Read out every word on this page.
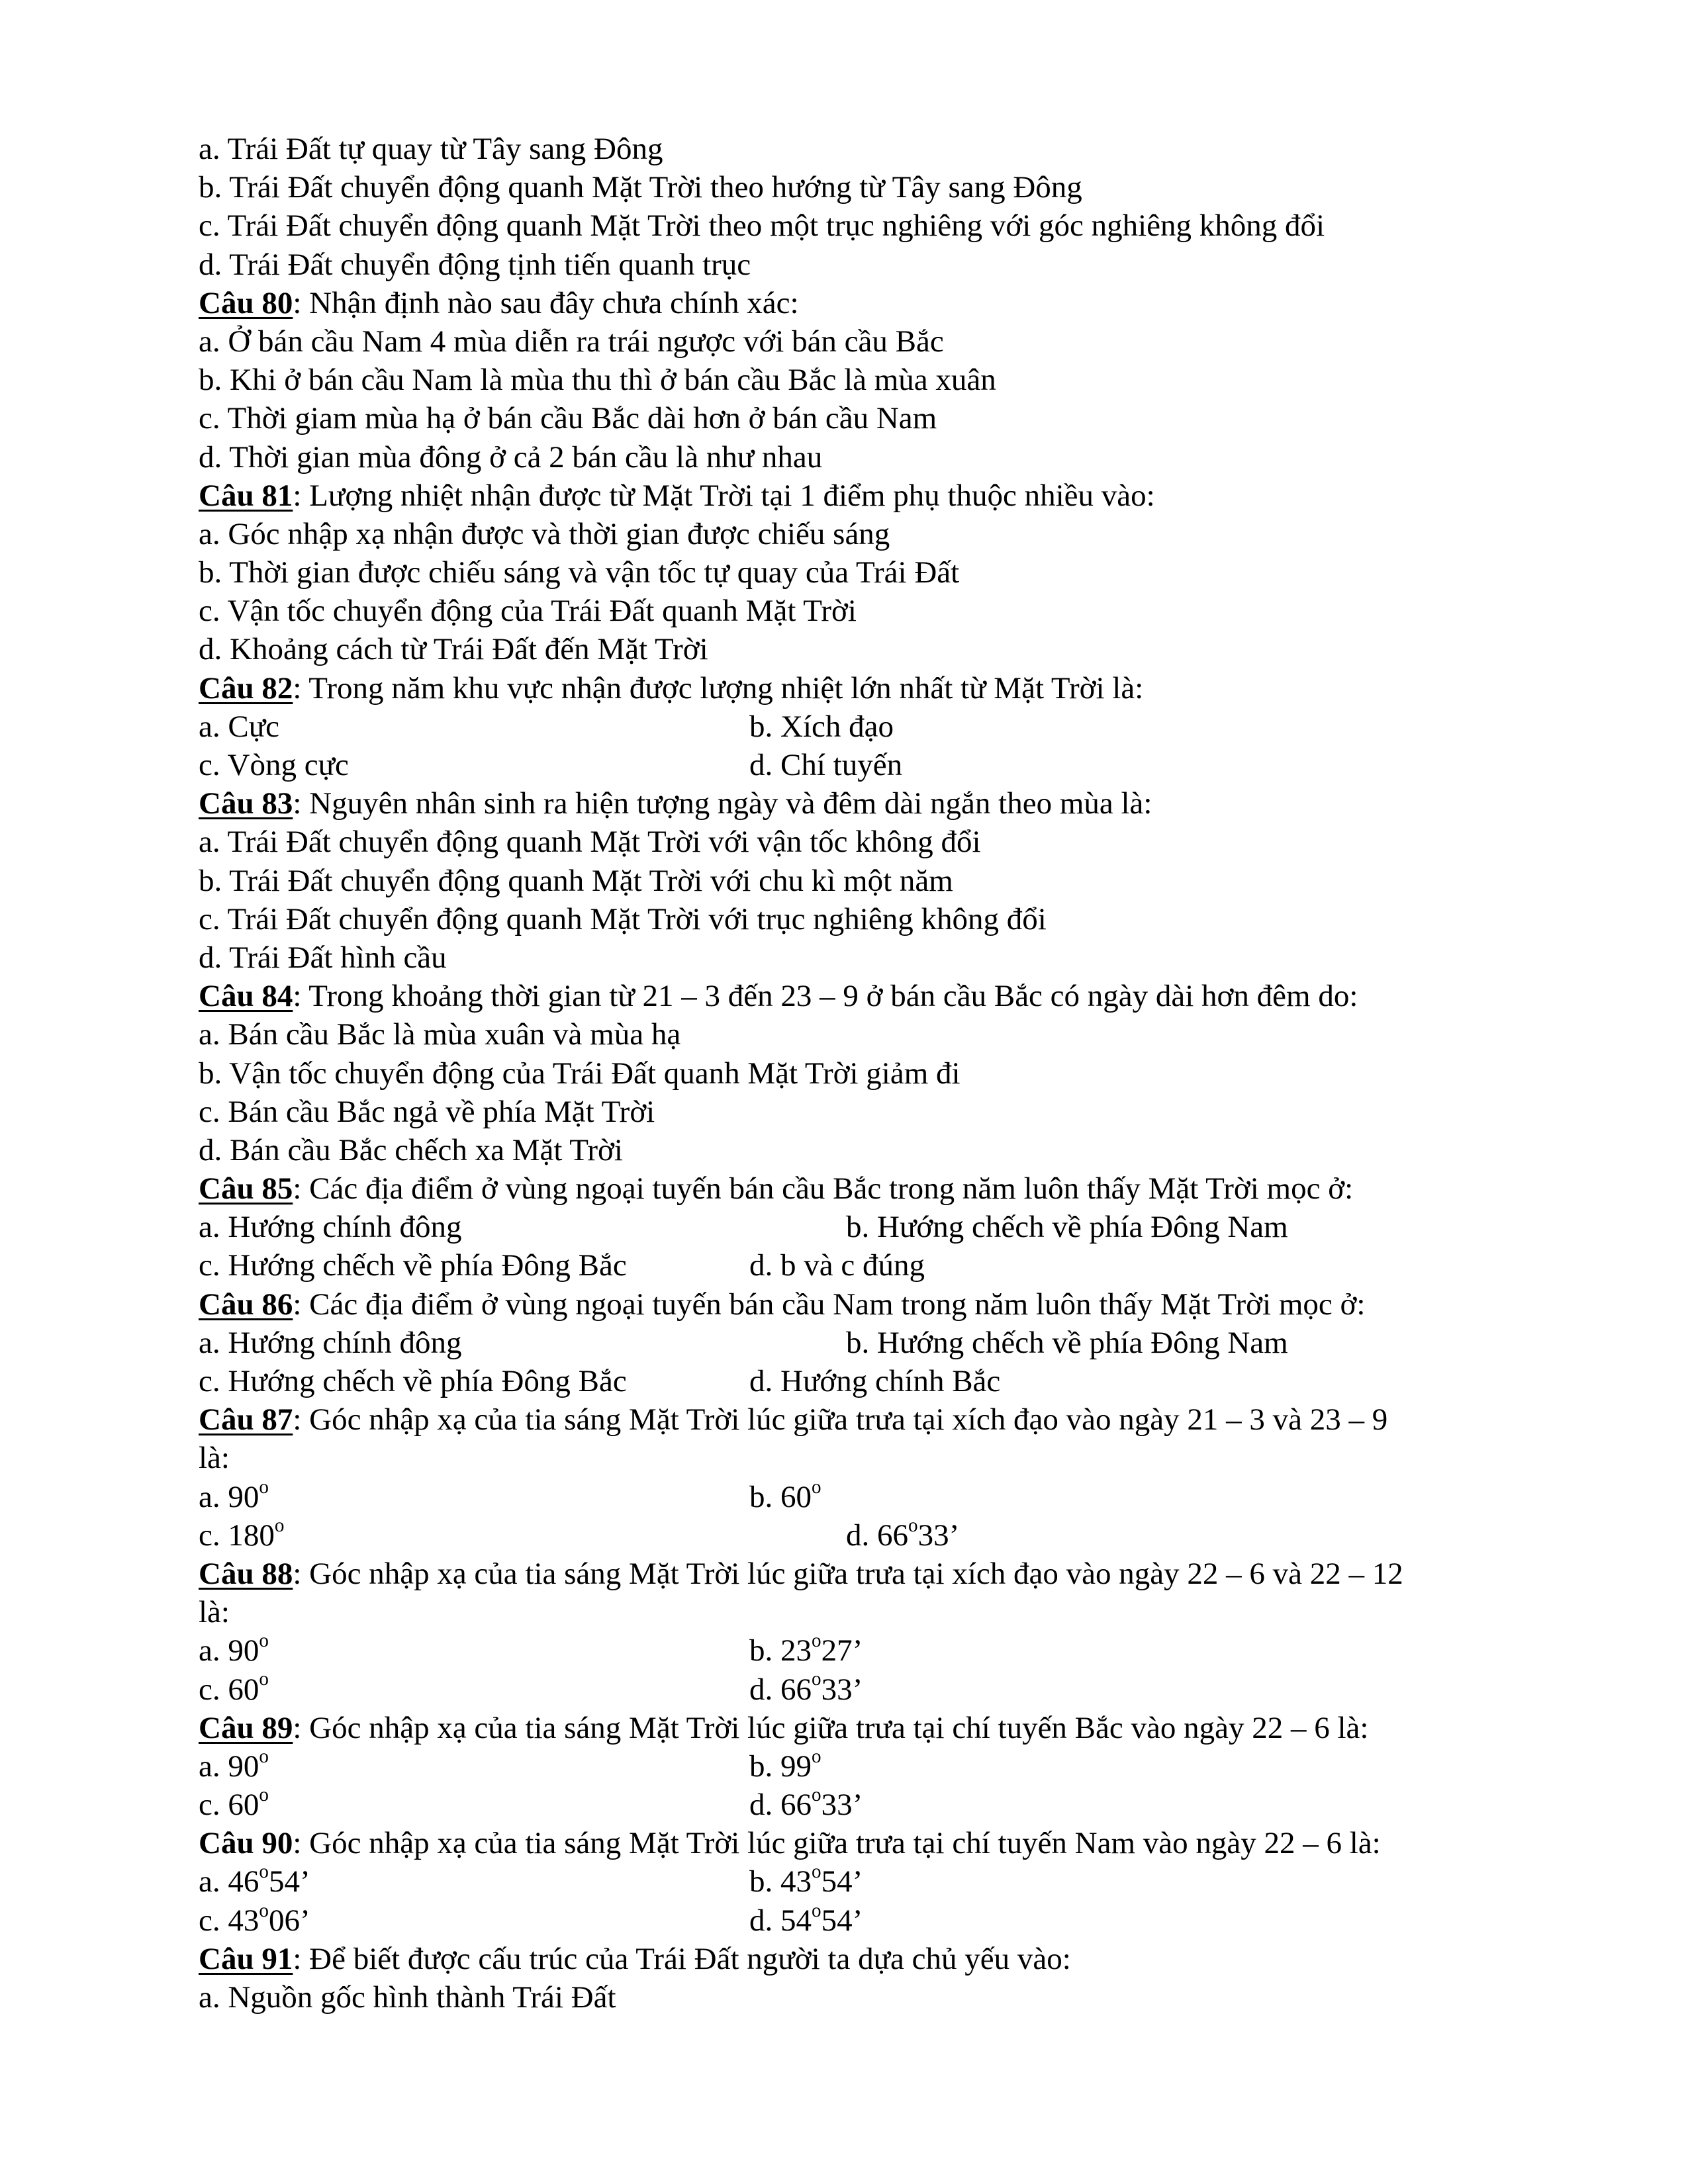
a. Trái Đất tự quay từ Tây sang Đông
b. Trái Đất chuyển động quanh Mặt Trời theo hướng từ Tây sang Đông
c. Trái Đất chuyển động quanh Mặt Trời theo một trục nghiêng với góc nghiêng không đổi
d. Trái Đất chuyển động tịnh tiến quanh trục
Câu 80: Nhận định nào sau đây chưa chính xác:
a. Ở bán cầu Nam 4 mùa diễn ra trái ngược với bán cầu Bắc
b. Khi ở bán cầu Nam là mùa thu thì ở bán cầu Bắc là mùa xuân
c. Thời giam mùa hạ ở bán cầu Bắc dài hơn ở bán cầu Nam
d. Thời gian mùa đông ở cả 2 bán cầu là như nhau
Câu 81: Lượng nhiệt nhận được từ Mặt Trời tại 1 điểm phụ thuộc nhiều vào:
a. Góc nhập xạ nhận được và thời gian được chiếu sáng
b. Thời gian được chiếu sáng và vận tốc tự quay của Trái Đất
c. Vận tốc chuyển động của Trái Đất quanh Mặt Trời
d. Khoảng cách từ Trái Đất đến Mặt Trời
Câu 82: Trong năm khu vực nhận được lượng nhiệt lớn nhất từ Mặt Trời là:
a. Cực	b. Xích đạo
c. Vòng cực	d. Chí tuyến
Câu 83: Nguyên nhân sinh ra hiện tượng ngày và đêm dài ngắn theo mùa là:
a. Trái Đất chuyển động quanh Mặt Trời với vận tốc không đổi
b. Trái Đất chuyển động quanh Mặt Trời với chu kì một năm
c. Trái Đất chuyển động quanh Mặt Trời với trục nghiêng không đổi
d. Trái Đất hình cầu
Câu 84: Trong khoảng thời gian từ 21 – 3 đến 23 – 9 ở bán cầu Bắc có ngày dài hơn đêm do:
a. Bán cầu Bắc là mùa xuân và mùa hạ
b. Vận tốc chuyển động của Trái Đất quanh Mặt Trời giảm đi
c. Bán cầu Bắc ngả về phía Mặt Trời
d. Bán cầu Bắc chếch xa Mặt Trời
Câu 85: Các địa điểm ở vùng ngoại tuyến bán cầu Bắc trong năm luôn thấy Mặt Trời mọc ở:
a. Hướng chính đông	b. Hướng chếch về phía Đông Nam
c. Hướng chếch về phía Đông Bắc	d. b và c đúng
Câu 86: Các địa điểm ở vùng ngoại tuyến bán cầu Nam trong năm luôn thấy Mặt Trời mọc ở:
a. Hướng chính đông	b. Hướng chếch về phía Đông Nam
c. Hướng chếch về phía Đông Bắc	d. Hướng chính Bắc
Câu 87: Góc nhập xạ của tia sáng Mặt Trời lúc giữa trưa tại xích đạo vào ngày 21 – 3 và 23 – 9
là:
a. 90$^o$	b. 60$^o$
c. 180$^o$	d. 66$^o$33’
Câu 88: Góc nhập xạ của tia sáng Mặt Trời lúc giữa trưa tại xích đạo vào ngày 22 – 6 và 22 – 12
là:
a. 90$^o$	b. 23$^o$27’
c. 60$^o$	d. 66$^o$33’
Câu 89: Góc nhập xạ của tia sáng Mặt Trời lúc giữa trưa tại chí tuyến Bắc vào ngày 22 – 6 là:
a. 90$^o$	b. 99$^o$
c. 60$^o$	d. 66$^o$33’
Câu 90: Góc nhập xạ của tia sáng Mặt Trời lúc giữa trưa tại chí tuyến Nam vào ngày 22 – 6 là:
a. 46$^o$54’	b. 43$^o$54’
c. 43$^o$06’	d. 54$^o$54’
Câu 91: Để biết được cấu trúc của Trái Đất người ta dựa chủ yếu vào:
a. Nguồn gốc hình thành Trái Đất
